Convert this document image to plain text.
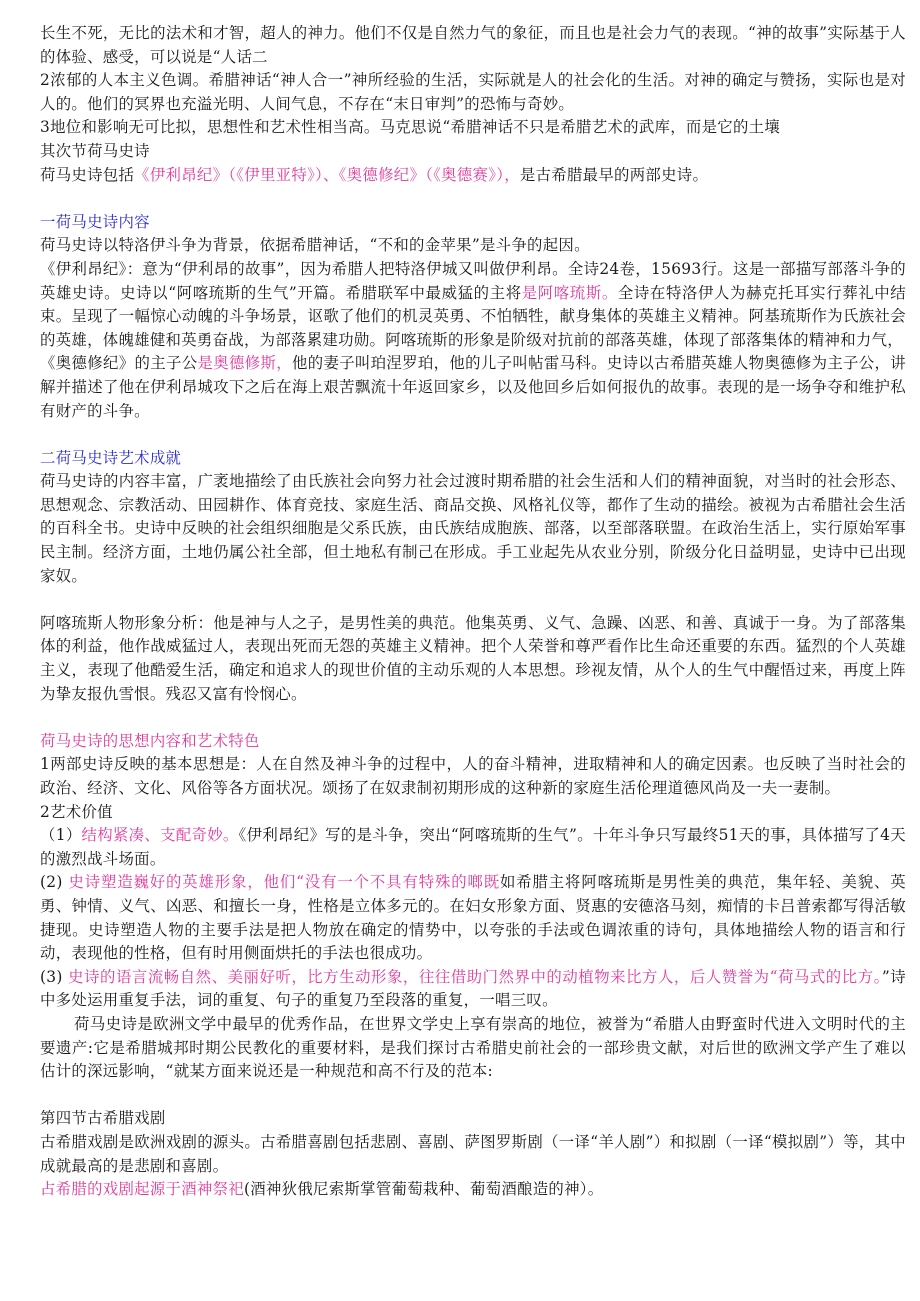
长生不死，无比的法术和才智，超人的神力。他们不仅是自然力气的象征，而且也是社会力气的表现。“神的故事”实际基于人的体验、感受，可以说是“人话二

2浓郁的人本主义色调。希腊神话“神人合一”神所经验的生活，实际就是人的社会化的生活。对神的确定与赞扬，实际也是对人的。他们的冥界也充溢光明、人间气息，不存在“末日审判”的恐怖与奇妙。

3地位和影响无可比拟，思想性和艺术性相当高。马克思说“希腊神话不只是希腊艺术的武库，而是它的土壤

其次节荷马史诗

荷马史诗包括《伊利昂纪》（《伊里亚特》）、《奥德修纪》（《奥德赛》），是古希腊最早的两部史诗。

一荷马史诗内容

荷马史诗以特洛伊斗争为背景，依据希腊神话，“不和的金苹果”是斗争的起因。

《伊利昂纪》：意为“伊利昂的故事”，因为希腊人把特洛伊城又叫做伊利昂。全诗24卷，15693行。这是一部描写部落斗争的英雄史诗。史诗以“阿喀琉斯的生气”开篇。希腊联军中最威猛的主将是阿喀琉斯。全诗在特洛伊人为赫克托耳实行葬礼中结束。呈现了一幅惊心动魄的斗争场景，讴歌了他们的机灵英勇、不怕牺牲，献身集体的英雄主义精神。阿基琉斯作为氏族社会的英雄，体魄雄健和英勇奋战，为部落累建功勋。阿喀琉斯的形象是阶级对抗前的部落英雄，体现了部落集体的精神和力气，

《奥德修纪》的主子公是奥德修斯，他的妻子叫珀涅罗珀，他的儿子叫帖雷马科。史诗以古希腊英雄人物奥德修为主子公，讲解并描述了他在伊利昂城攻下之后在海上艰苦飘流十年返回家乡，以及他回乡后如何报仇的故事。表现的是一场争夺和维护私有财产的斗争。

二荷马史诗艺术成就

荷马史诗的内容丰富，广袤地描绘了由氏族社会向努力社会过渡时期希腊的社会生活和人们的精神面貌，对当时的社会形态、思想观念、宗教活动、田园耕作、体育竞技、家庭生活、商品交换、风格礼仪等，都作了生动的描绘。被视为古希腊社会生活的百科全书。史诗中反映的社会组织细胞是父系氏族，由氏族结成胞族、部落，以至部落联盟。在政治生活上，实行原始军事民主制。经济方面，土地仍属公社全部，但土地私有制己在形成。手工业起先从农业分别，阶级分化日益明显，史诗中已出现家奴。

阿喀琉斯人物形象分析：他是神与人之子，是男性美的典范。他集英勇、义气、急躁、凶恶、和善、真诚于一身。为了部落集体的利益，他作战威猛过人，表现出死而无怨的英雄主义精神。把个人荣誉和尊严看作比生命还重要的东西。猛烈的个人英雄主义，表现了他酷爱生活，确定和追求人的现世价值的主动乐观的人本思想。珍视友情，从个人的生气中醒悟过来，再度上阵为挚友报仇雪恨。残忍又富有怜悯心。

荷马史诗的思想内容和艺术特色

1两部史诗反映的基本思想是：人在自然及神斗争的过程中，人的奋斗精神，进取精神和人的确定因素。也反映了当时社会的政治、经济、文化、风俗等各方面状况。颂扬了在奴隶制初期形成的这种新的家庭生活伦理道德风尚及一夫一妻制。

2艺术价值

（1）结构紧凑、支配奇妙。《伊利昂纪》写的是斗争，突出“阿喀琉斯的生气”。十年斗争只写最终51天的事，具体描写了4天的激烈战斗场面。

(2) 史诗塑造巍好的英雄形象，他们“没有一个不具有特殊的啷既如希腊主将阿喀琉斯是男性美的典范，集年轻、美貌、英勇、钟情、义气、凶恶、和擅长一身，性格是立体多元的。在妇女形象方面、贤惠的安德洛马刻，痴情的卡吕普索都写得活敏捷现。史诗塑造人物的主要手法是把人物放在确定的情势中，以夸张的手法或色调浓重的诗句，具体地描绘人物的语言和行动，表现他的性格，但有时用侧面烘托的手法也很成功。

(3) 史诗的语言流畅自然、美丽好听，比方生动形象，往往借助门然界中的动植物来比方人，后人赞誉为“荷马式的比方。”诗中多处运用重复手法，词的重复、句子的重复乃至段落的重复，一唱三叹。

荷马史诗是欧洲文学中最早的优秀作品，在世界文学史上享有崇高的地位，被誉为“希腊人由野蛮时代进入文明时代的主要遗产:它是希腊城邦时期公民教化的重要材料，是我们探讨古希腊史前社会的一部珍贵文献，对后世的欧洲文学产生了难以估计的深远影响，“就某方面来说还是一种规范和高不行及的范本:

第四节古希腊戏剧

古希腊戏剧是欧洲戏剧的源头。古希腊喜剧包括悲剧、喜剧、萨图罗斯剧（一译“羊人剧”）和拟剧（一译“模拟剧”）等，其中成就最高的是悲剧和喜剧。

占希腊的戏剧起源于酒神祭祀(酒神狄俄尼索斯掌管葡萄栽种、葡萄酒酿造的神）。
